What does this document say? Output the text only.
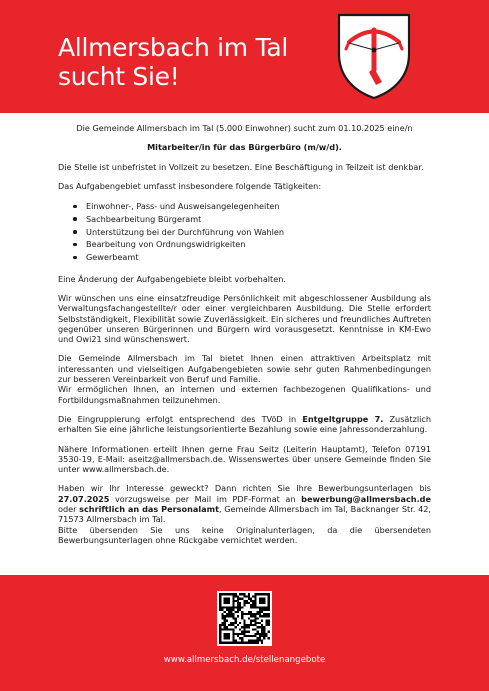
Allmersbach im Tal
sucht Sie!

Die Gemeinde Allmersbach im Tal (5.000 Einwohner) sucht zum 01.10.2025 eine/n

Mitarbeiter/in für das Bürgerbüro (m/w/d).

Die Stelle ist unbefristet in Vollzeit zu besetzen. Eine Beschäftigung in Teilzeit ist denkbar.

Das Aufgabengebiet umfasst insbesondere folgende Tätigkeiten:

Einwohner-, Pass- und Ausweisangelegenheiten
Sachbearbeitung Bürgeramt
Unterstützung bei der Durchführung von Wahlen
Bearbeitung von Ordnungswidrigkeiten
Gewerbeamt

Eine Änderung der Aufgabengebiete bleibt vorbehalten.

Wir wünschen uns eine einsatzfreudige Persönlichkeit mit abgeschlossener Ausbildung als Verwaltungsfachangestellte/r oder einer vergleichbaren Ausbildung. Die Stelle erfordert Selbstständigkeit, Flexibilität sowie Zuverlässigkeit. Ein sicheres und freundliches Auftreten gegenüber unseren Bürgerinnen und Bürgern wird vorausgesetzt. Kenntnisse in KM-Ewo und Owi21 sind wünschenswert.

Die Gemeinde Allmersbach im Tal bietet Ihnen einen attraktiven Arbeitsplatz mit interessanten und vielseitigen Aufgabengebieten sowie sehr guten Rahmenbedingungen zur besseren Vereinbarkeit von Beruf und Familie.

Wir ermöglichen Ihnen, an internen und externen fachbezogenen Qualifikations- und Fortbildungsmaßnahmen teilzunehmen.

Die Eingruppierung erfolgt entsprechend des TVöD in Entgeltgruppe 7. Zusätzlich erhalten Sie eine jährliche leistungsorientierte Bezahlung sowie eine Jahressonderzahlung.

Nähere Informationen erteilt Ihnen gerne Frau Seitz (Leiterin Hauptamt), Telefon 07191 3530-19, E-Mail: aseitz@allmersbach.de. Wissenswertes über unsere Gemeinde finden Sie unter www.allmersbach.de.

Haben wir Ihr Interesse geweckt? Dann richten Sie Ihre Bewerbungsunterlagen bis 27.07.2025 vorzugsweise per Mail im PDF-Format an bewerbung@allmersbach.de oder schriftlich an das Personalamt, Gemeinde Allmersbach im Tal, Backnanger Str. 42, 71573 Allmersbach im Tal.

Bitte übersenden Sie uns keine Originalunterlagen, da die übersendeten Bewerbungsunterlagen ohne Rückgabe vernichtet werden.

www.allmersbach.de/stellenangebote
